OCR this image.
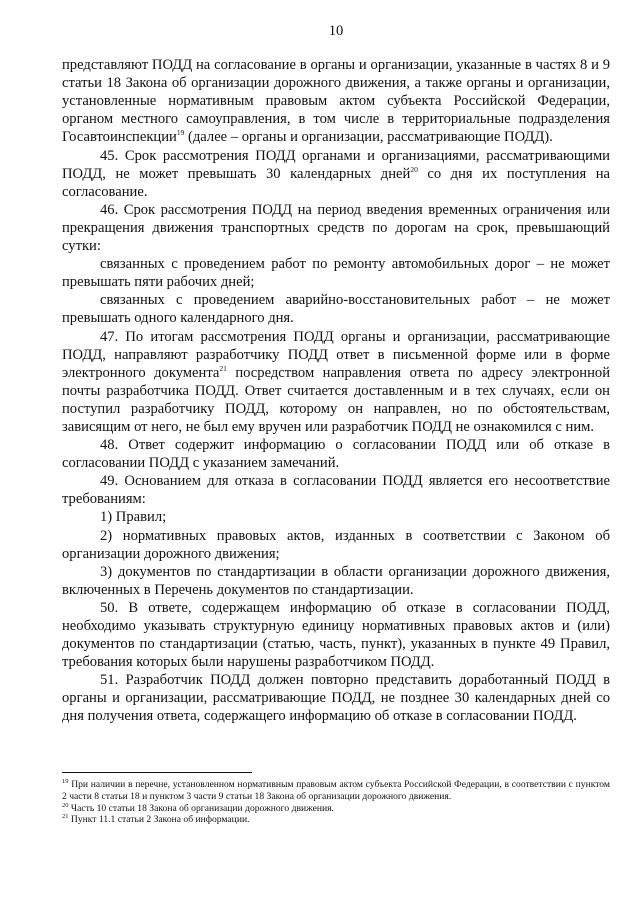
10

представляют ПОДД на согласование в органы и организации, указанные в частях 8 и 9 статьи 18 Закона об организации дорожного движения, а также органы и организации, установленные нормативным правовым актом субъекта Российской Федерации, органом местного самоуправления, в том числе в территориальные подразделения Госавтоинспекции$^{19}$ (далее – органы и организации, рассматривающие ПОДД).

45. Срок рассмотрения ПОДД органами и организациями, рассматривающими ПОДД, не может превышать 30 календарных дней$^{20}$ со дня их поступления на согласование.

46. Срок рассмотрения ПОДД на период введения временных ограничения или прекращения движения транспортных средств по дорогам на срок, превышающий сутки:

связанных с проведением работ по ремонту автомобильных дорог – не может превышать пяти рабочих дней;

связанных с проведением аварийно-восстановительных работ – не может превышать одного календарного дня.

47. По итогам рассмотрения ПОДД органы и организации, рассматривающие ПОДД, направляют разработчику ПОДД ответ в письменной форме или в форме электронного документа$^{21}$ посредством направления ответа по адресу электронной почты разработчика ПОДД. Ответ считается доставленным и в тех случаях, если он поступил разработчику ПОДД, которому он направлен, но по обстоятельствам, зависящим от него, не был ему вручен или разработчик ПОДД не ознакомился с ним.

48. Ответ содержит информацию о согласовании ПОДД или об отказе в согласовании ПОДД с указанием замечаний.

49. Основанием для отказа в согласовании ПОДД является его несоответствие требованиям:

1) Правил;

2) нормативных правовых актов, изданных в соответствии с Законом об организации дорожного движения;

3) документов по стандартизации в области организации дорожного движения, включенных в Перечень документов по стандартизации.

50. В ответе, содержащем информацию об отказе в согласовании ПОДД, необходимо указывать структурную единицу нормативных правовых актов и (или) документов по стандартизации (статью, часть, пункт), указанных в пункте 49 Правил, требования которых были нарушены разработчиком ПОДД.

51. Разработчик ПОДД должен повторно представить доработанный ПОДД в органы и организации, рассматривающие ПОДД, не позднее 30 календарных дней со дня получения ответа, содержащего информацию об отказе в согласовании ПОДД.

$^{19}$ При наличии в перечне, установленном нормативным правовым актом субъекта Российской Федерации, в соответствии с пунктом 2 части 8 статьи 18 и пунктом 3 части 9 статьи 18 Закона об организации дорожного движения.

$^{20}$ Часть 10 статьи 18 Закона об организации дорожного движения.

$^{21}$ Пункт 11.1 статьи 2 Закона об информации.
